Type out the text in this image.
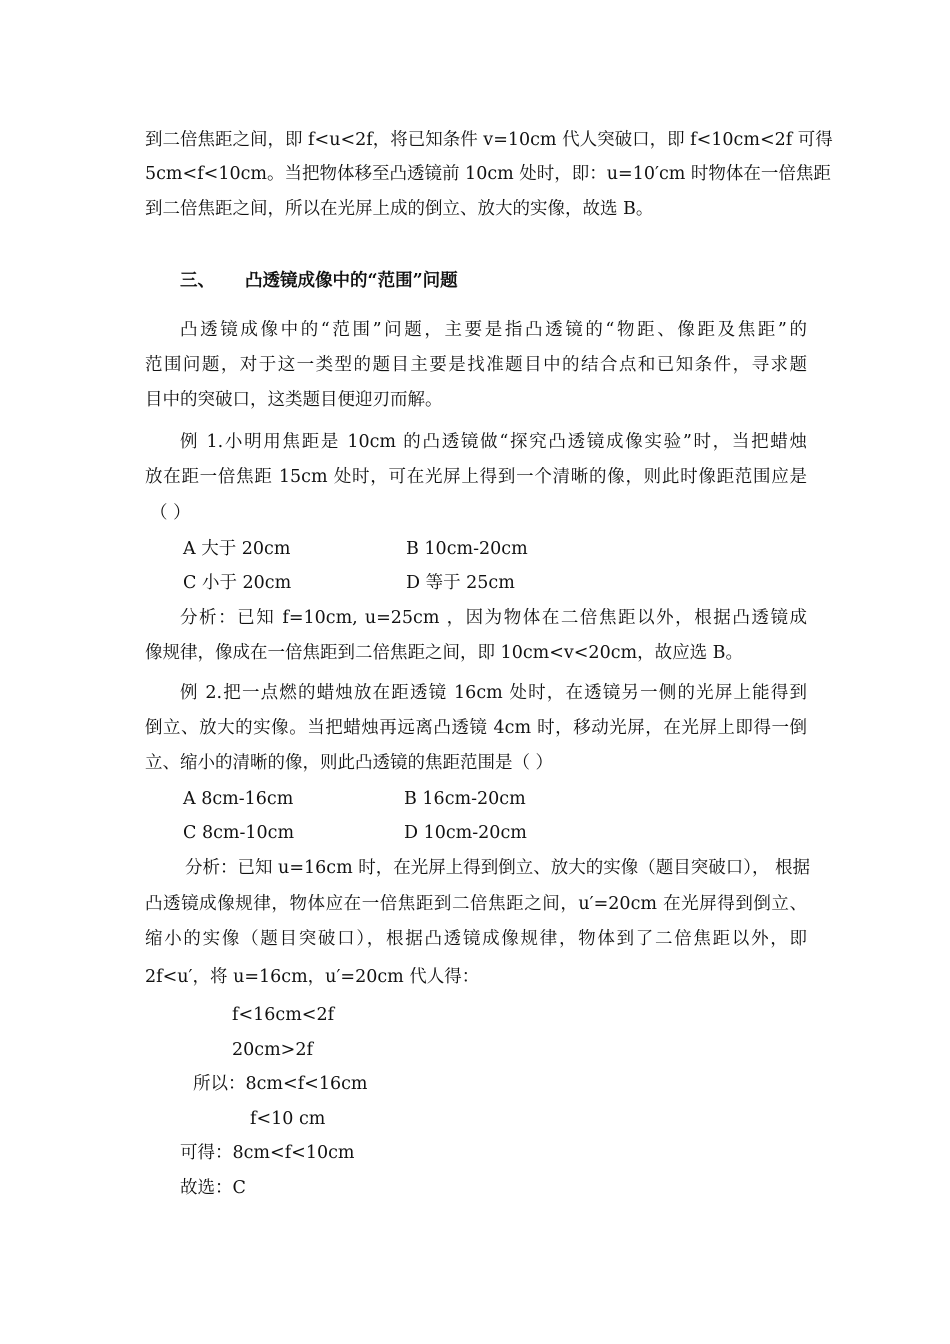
到二倍焦距之间，即 f<u<2f，将已知条件 v=10cm 代人突破口，即 f<10cm<2f 可得
5cm<f<10cm。当把物体移至凸透镜前 10cm 处时，即：u=10′cm 时物体在一倍焦距
到二倍焦距之间，所以在光屏上成的倒立、放大的实像，故选 B。
三、 凸透镜成像中的“范围”问题
凸透镜成像中的“范围”问题，主要是指凸透镜的“物距、像距及焦距”的
范围问题，对于这一类型的题目主要是找准题目中的结合点和已知条件，寻求题
目中的突破口，这类题目便迎刃而解。
例 1.小明用焦距是 10cm 的凸透镜做“探究凸透镜成像实验”时，当把蜡烛
放在距一倍焦距 15cm 处时，可在光屏上得到一个清晰的像，则此时像距范围应是
（ ）
A 大于 20cm	B 10cm-20cm
C 小于 20cm	D 等于 25cm
分析：已知 f=10cm, u=25cm ，因为物体在二倍焦距以外，根据凸透镜成
像规律，像成在一倍焦距到二倍焦距之间，即 10cm<v<20cm，故应选 B。
例 2.把一点燃的蜡烛放在距透镜 16cm 处时，在透镜另一侧的光屏上能得到
倒立、放大的实像。当把蜡烛再远离凸透镜 4cm 时，移动光屏，在光屏上即得一倒
立、缩小的清晰的像，则此凸透镜的焦距范围是（ ）
A 8cm-16cm	B 16cm-20cm
C 8cm-10cm	D 10cm-20cm
分析：已知 u=16cm 时，在光屏上得到倒立、放大的实像（题目突破口）， 根据
凸透镜成像规律，物体应在一倍焦距到二倍焦距之间，u′=20cm 在光屏得到倒立、
缩小的实像（题目突破口），根据凸透镜成像规律，物体到了二倍焦距以外，即
2f<u′，将 u=16cm，u′=20cm 代人得：
f<16cm<2f
20cm>2f
所以：8cm<f<16cm
f<10 cm
可得：8cm<f<10cm
故选：C
